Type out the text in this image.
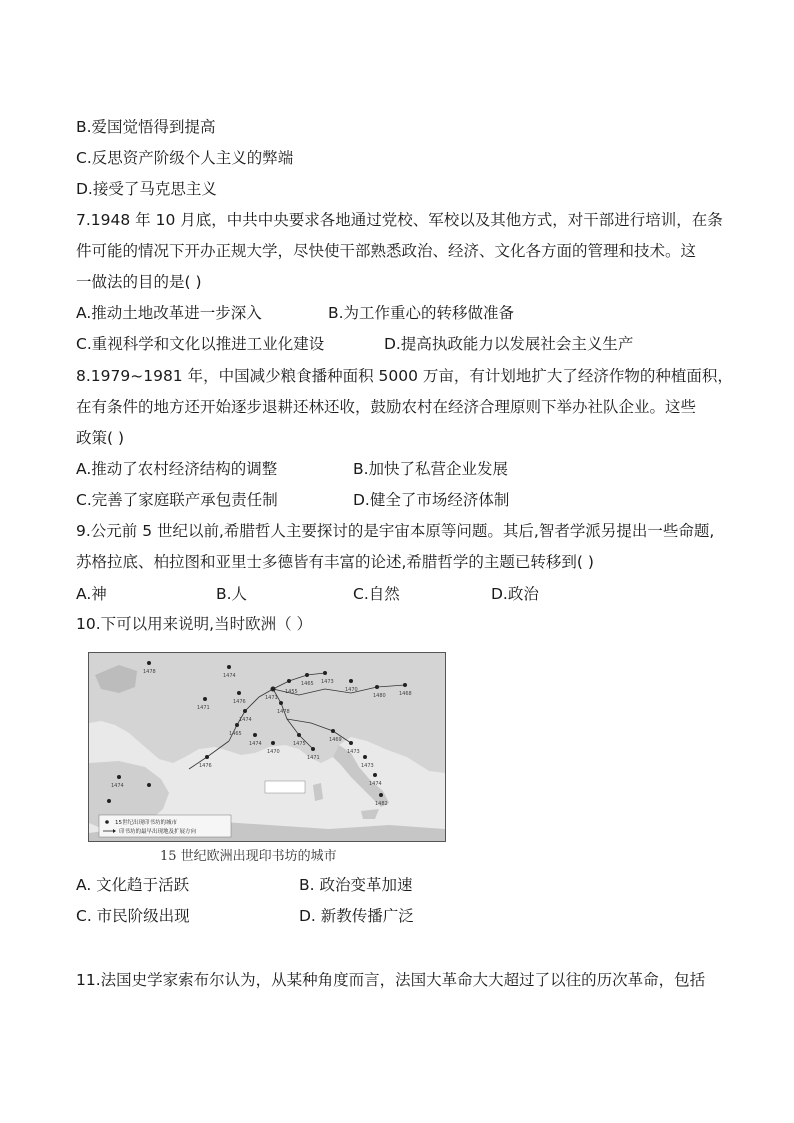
B.爱国觉悟得到提高
C.反思资产阶级个人主义的弊端
D.接受了马克思主义
7.1948 年 10 月底，中共中央要求各地通过党校、军校以及其他方式，对干部进行培训，在条
件可能的情况下开办正规大学，尽快使干部熟悉政治、经济、文化各方面的管理和技术。这
一做法的目的是( )
A.推动土地改革进一步深入	B.为工作重心的转移做准备
C.重视科学和文化以推进工业化建设	D.提高执政能力以发展社会主义生产
8.1979~1981 年，中国减少粮食播种面积 5000 万亩，有计划地扩大了经济作物的种植面积，
在有条件的地方还开始逐步退耕还林还收，鼓励农村在经济合理原则下举办社队企业。这些
政策( )
A.推动了农村经济结构的调整	B.加快了私营企业发展
C.完善了家庭联产承包责任制	D.健全了市场经济体制
9.公元前 5 世纪以前,希腊哲人主要探讨的是宇宙本原等问题。其后,智者学派另提出一些命题,
苏格拉底、柏拉图和亚里士多德皆有丰富的论述,希腊哲学的主题已转移到( )
A.神	B.人	C.自然	D.政治
10.下可以用来说明,当时欧洲（ ）
1478
1474
1471
1455
1465 1473
1470
1480	1468
1476
1471
1474
1478
1465
1474
1470
1475
1471
1469
1473
1473
1474
1482
1476
1474
15世纪出现印书坊的城市
印书坊的最早出现地及扩展方向
15 世纪欧洲出现印书坊的城市
A. 文化趋于活跃	B. 政治变革加速
C. 市民阶级出现	D. 新教传播广泛
11.法国史学家索布尔认为，从某种角度而言，法国大革命大大超过了以往的历次革命，包括
